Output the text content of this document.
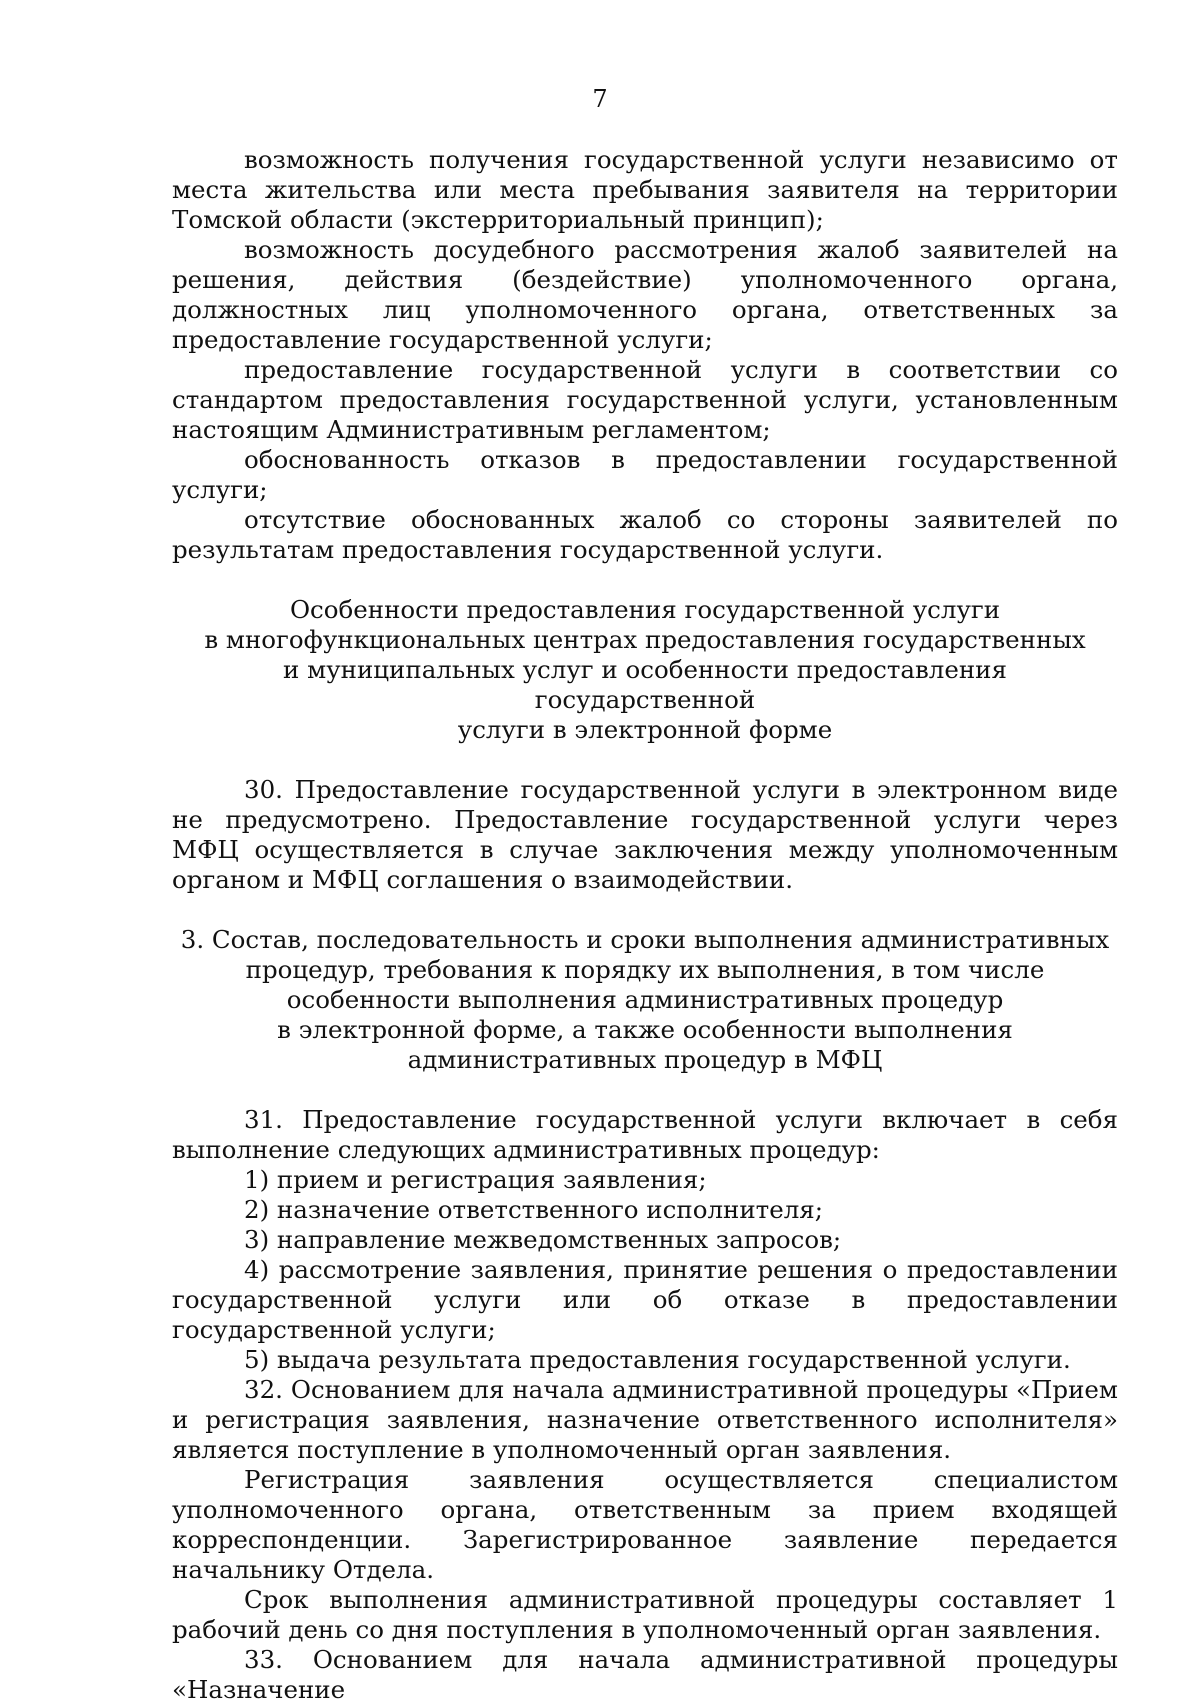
7

возможность получения государственной услуги независимо от места жительства или места пребывания заявителя на территории Томской области (экстерриториальный принцип);

возможность досудебного рассмотрения жалоб заявителей на решения, действия (бездействие) уполномоченного органа, должностных лиц уполномоченного органа, ответственных за предоставление государственной услуги;

предоставление государственной услуги в соответствии со стандартом предоставления государственной услуги, установленным настоящим Административным регламентом;

обоснованность отказов в предоставлении государственной услуги;

отсутствие обоснованных жалоб со стороны заявителей по результатам предоставления государственной услуги.

Особенности предоставления государственной услуги
в многофункциональных центрах предоставления государственных
и муниципальных услуг и особенности предоставления государственной
услуги в электронной форме

30. Предоставление государственной услуги в электронном виде не предусмотрено. Предоставление государственной услуги через МФЦ осуществляется в случае заключения между уполномоченным органом и МФЦ соглашения о взаимодействии.

3. Состав, последовательность и сроки выполнения административных
процедур, требования к порядку их выполнения, в том числе
особенности выполнения административных процедур
в электронной форме, а также особенности выполнения
административных процедур в МФЦ

31. Предоставление государственной услуги включает в себя выполнение следующих административных процедур:

1) прием и регистрация заявления;

2) назначение ответственного исполнителя;

3) направление межведомственных запросов;

4) рассмотрение заявления, принятие решения о предоставлении государственной услуги или об отказе в предоставлении государственной услуги;

5) выдача результата предоставления государственной услуги.

32. Основанием для начала административной процедуры «Прием и регистрация заявления, назначение ответственного исполнителя» является поступление в уполномоченный орган заявления.

Регистрация заявления осуществляется специалистом уполномоченного органа, ответственным за прием входящей корреспонденции. Зарегистрированное заявление передается начальнику Отдела.

Срок выполнения административной процедуры составляет 1 рабочий день со дня поступления в уполномоченный орган заявления.

33. Основанием для начала административной процедуры «Назначение
